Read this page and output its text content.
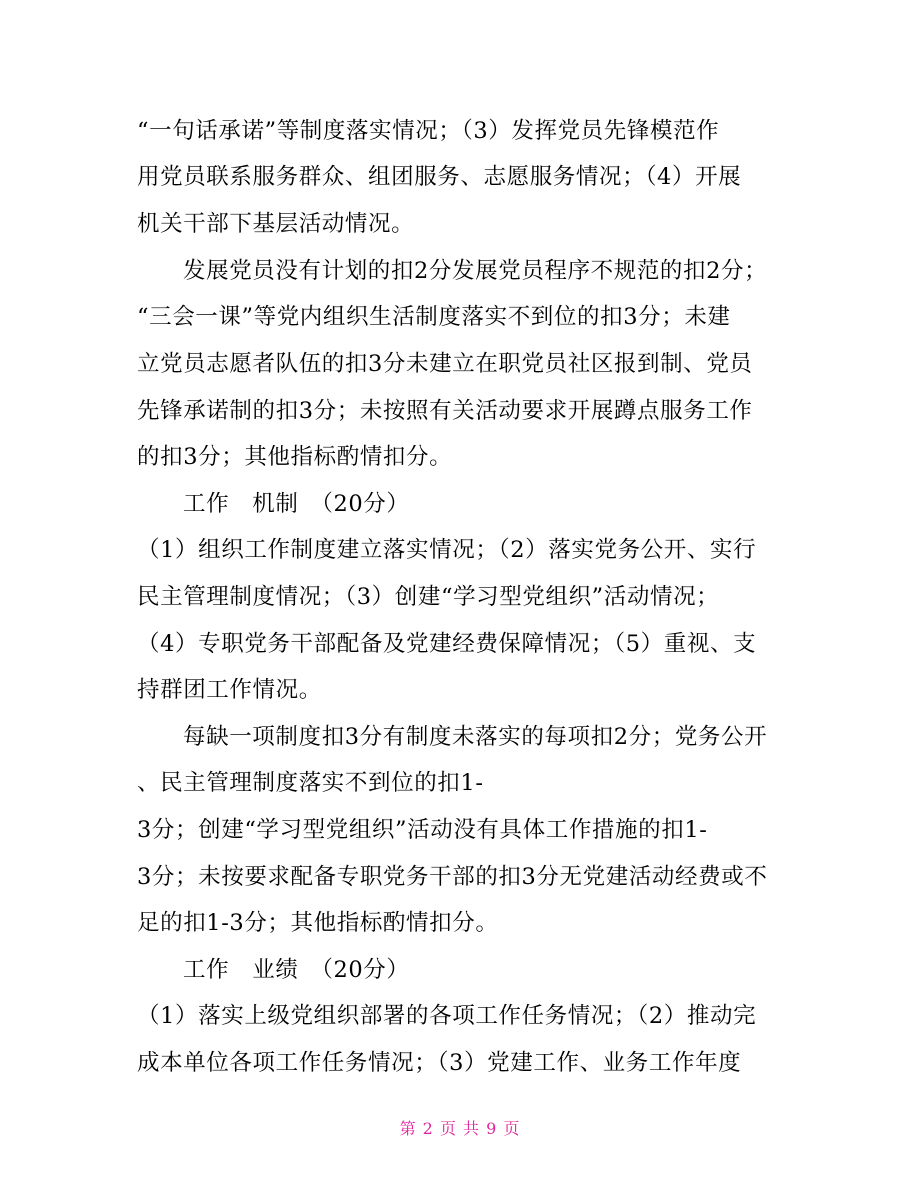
“一句话承诺”等制度落实情况；（3）发挥党员先锋模范作
用党员联系服务群众、组团服务、志愿服务情况；（4）开展
机关干部下基层活动情况。
发展党员没有计划的扣2分发展党员程序不规范的扣2分；
“三会一课”等党内组织生活制度落实不到位的扣3分；未建
立党员志愿者队伍的扣3分未建立在职党员社区报到制、党员
先锋承诺制的扣3分；未按照有关活动要求开展蹲点服务工作
的扣3分；其他指标酌情扣分。
工作　机制　（20分）
（1）组织工作制度建立落实情况；（2）落实党务公开、实行
民主管理制度情况；（3）创建“学习型党组织”活动情况；
（4）专职党务干部配备及党建经费保障情况；（5）重视、支
持群团工作情况。
每缺一项制度扣3分有制度未落实的每项扣2分；党务公开
、民主管理制度落实不到位的扣1-
3分；创建“学习型党组织”活动没有具体工作措施的扣1-
3分；未按要求配备专职党务干部的扣3分无党建活动经费或不
足的扣1-3分；其他指标酌情扣分。
工作　业绩　（20分）
（1）落实上级党组织部署的各项工作任务情况；（2）推动完
成本单位各项工作任务情况；（3）党建工作、业务工作年度
第 2 页 共 9 页
